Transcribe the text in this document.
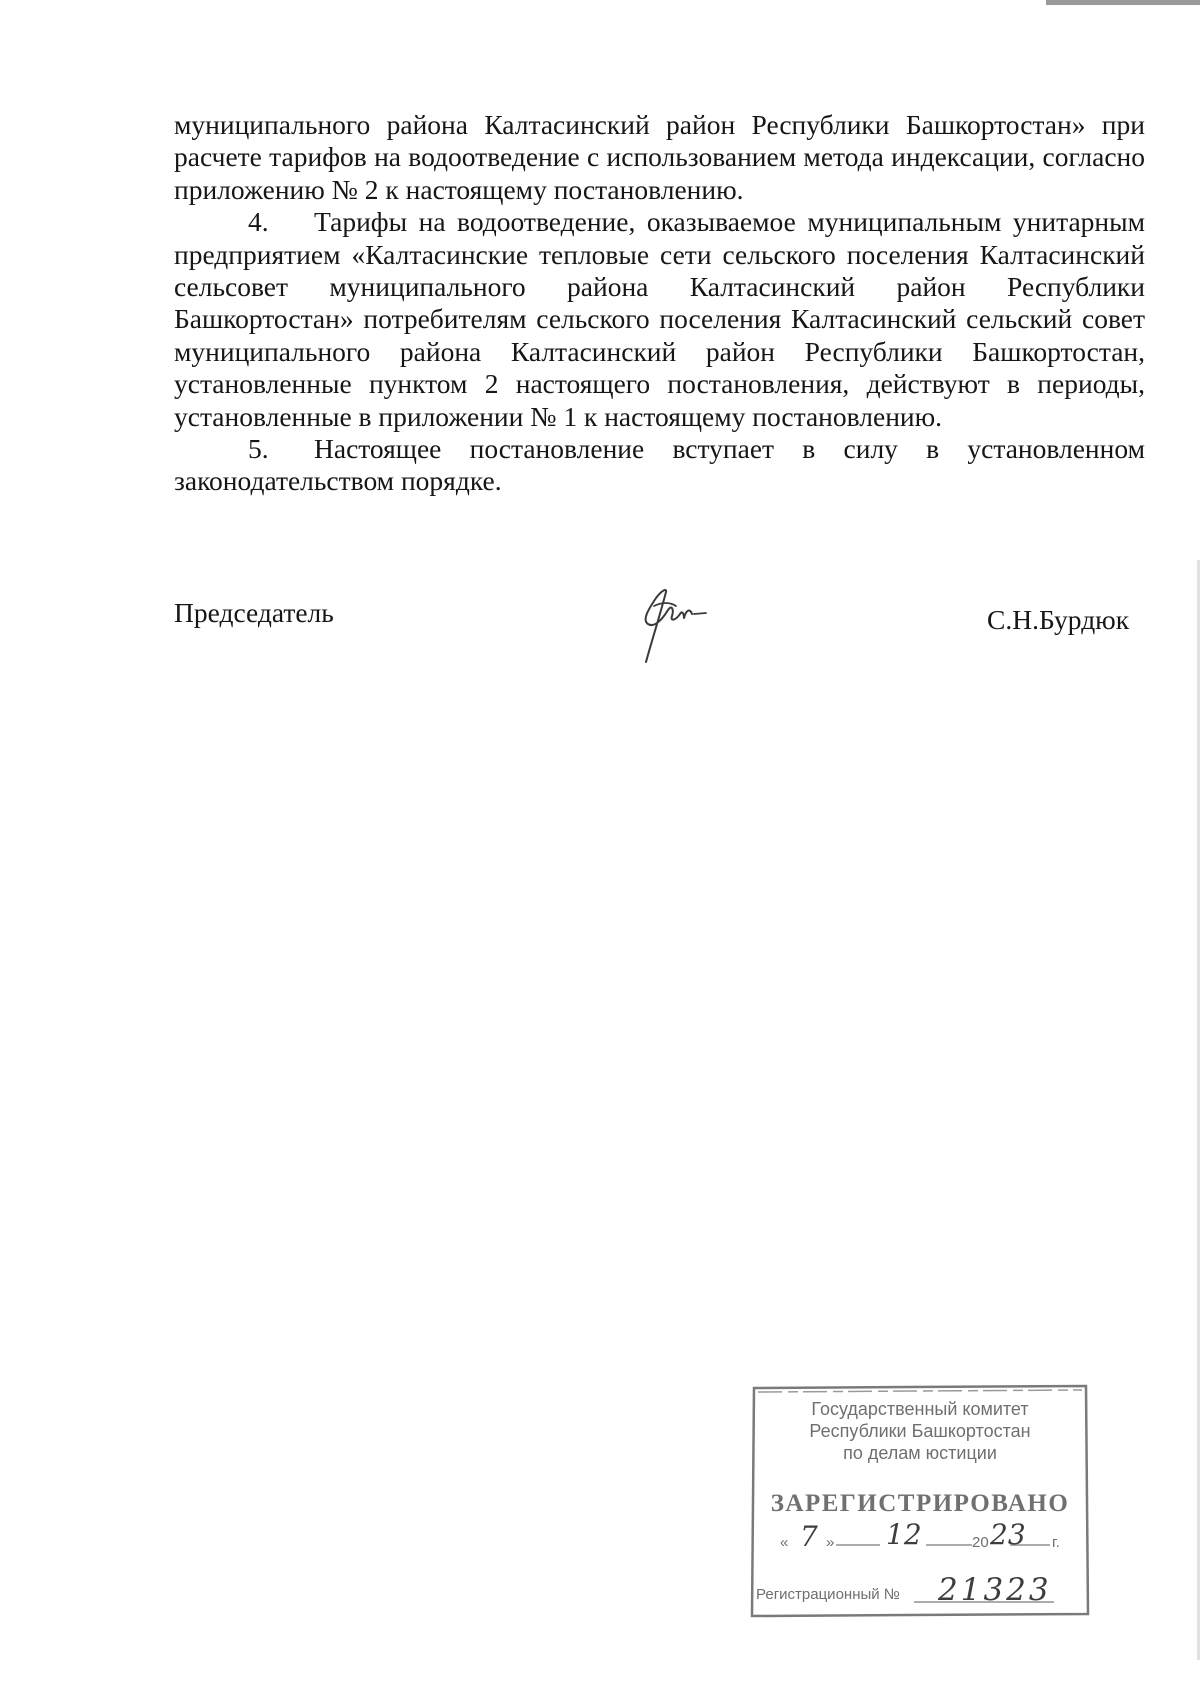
муниципального района Калтасинский район Республики Башкортостан» при расчете тарифов на водоотведение с использованием метода индексации, согласно приложению № 2 к настоящему постановлению.

4. Тарифы на водоотведение, оказываемое муниципальным унитарным предприятием «Калтасинские тепловые сети сельского поселения Калтасинский сельсовет муниципального района Калтасинский район Республики Башкортостан» потребителям сельского поселения Калтасинский сельский совет муниципального района Калтасинский район Республики Башкортостан, установленные пунктом 2 настоящего постановления, действуют в периоды, установленные в приложении № 1 к настоящему постановлению.

5. Настоящее постановление вступает в силу в установленном законодательством порядке.

Председатель	С.Н.Бурдюк

Государственный комитет
Республики Башкортостан
по делам юстиции

ЗАРЕГИСТРИРОВАНО

« 7 » 12	20 23 г.

Регистрационный № 21323
